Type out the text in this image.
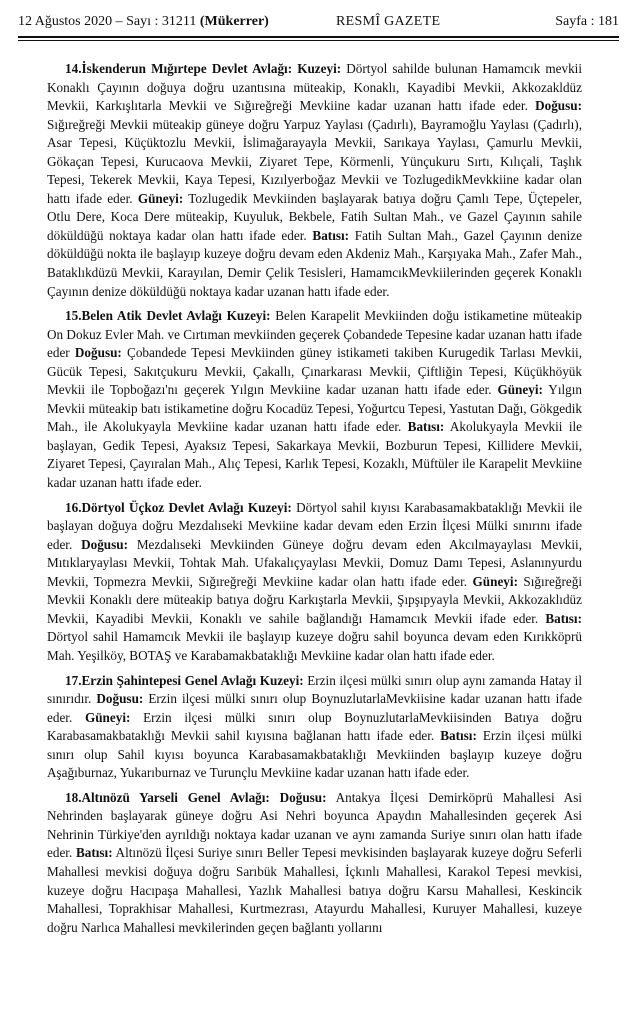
12 Ağustos 2020 – Sayı : 31211 (Mükerrer)	RESMÎ GAZETE	Sayfa : 181

14.İskenderun Mığırtepe Devlet Avlağı: Kuzeyi: Dörtyol sahilde bulunan Hamamcık mevkii Konaklı Çayının doğuya doğru uzantısına müteakip, Konaklı, Kayadibi Mevkii, Akkozakldüz Mevkii, Karkışlıtarla Mevkii ve Sığıreğreği Mevkiine kadar uzanan hattı ifade eder. Doğusu: Sığıreğreği Mevkii müteakip güneye doğru Yarpuz Yaylası (Çadırlı), Bayramoğlu Yaylası (Çadırlı), Asar Tepesi, Küçüktozlu Mevkii, İslimağarayayla Mevkii, Sarıkaya Yaylası, Çamurlu Mevkii, Gökaçan Tepesi, Kurucaova Mevkii, Ziyaret Tepe, Körmenli, Yünçukuru Sırtı, Kılıçali, Taşlık Tepesi, Tekerek Mevkii, Kaya Tepesi, Kızılyerboğaz Mevkii ve TozlugedikMevkkiine kadar olan hattı ifade eder. Güneyi: Tozlugedik Mevkiinden başlayarak batıya doğru Çamlı Tepe, Üçtepeler, Otlu Dere, Koca Dere müteakip, Kuyuluk, Bekbele, Fatih Sultan Mah., ve Gazel Çayının sahile döküldüğü noktaya kadar olan hattı ifade eder. Batısı: Fatih Sultan Mah., Gazel Çayının denize döküldüğü nokta ile başlayıp kuzeye doğru devam eden Akdeniz Mah., Karşıyaka Mah., Zafer Mah., Bataklıkdüzü Mevkii, Karayılan, Demir Çelik Tesisleri, HamamcıkMevkiilerinden geçerek Konaklı Çayının denize döküldüğü noktaya kadar uzanan hattı ifade eder.

15.Belen Atik Devlet Avlağı Kuzeyi: Belen Karapelit Mevkiinden doğu istikametine müteakip On Dokuz Evler Mah. ve Cırtıman mevkiinden geçerek Çobandede Tepesine kadar uzanan hattı ifade eder Doğusu: Çobandede Tepesi Mevkiinden güney istikameti takiben Kurugedik Tarlası Mevkii, Gücük Tepesi, Sakıtçukuru Mevkii, Çakallı, Çınarkarası Mevkii, Çiftliğin Tepesi, Küçükhöyük Mevkii ile Topboğazı'nı geçerek Yılgın Mevkiine kadar uzanan hattı ifade eder. Güneyi: Yılgın Mevkii müteakip batı istikametine doğru Kocadüz Tepesi, Yoğurtcu Tepesi, Yastutan Dağı, Gökgedik Mah., ile Akolukyayla Mevkiine kadar uzanan hattı ifade eder. Batısı: Akolukyayla Mevkii ile başlayan, Gedik Tepesi, Ayaksız Tepesi, Sakarkaya Mevkii, Bozburun Tepesi, Killidere Mevkii, Ziyaret Tepesi, Çayıralan Mah., Alıç Tepesi, Karlık Tepesi, Kozaklı, Müftüler ile Karapelit Mevkiine kadar uzanan hattı ifade eder.

16.Dörtyol Üçkoz Devlet Avlağı Kuzeyi: Dörtyol sahil kıyısı Karabasamakbataklığı Mevkii ile başlayan doğuya doğru Mezdalıseki Mevkiine kadar devam eden Erzin İlçesi Mülki sınırını ifade eder. Doğusu: Mezdalıseki Mevkiinden Güneye doğru devam eden Akcılmayaylası Mevkii, Mıtıklaryaylası Mevkii, Tohtak Mah. Ufakalıçyaylası Mevkii, Domuz Damı Tepesi, Aslanınyurdu Mevkii, Topmezra Mevkii, Sığıreğreği Mevkiine kadar olan hattı ifade eder. Güneyi: Sığıreğreği Mevkii Konaklı dere müteakip batıya doğru Karkıştarla Mevkii, Şıpşıpyayla Mevkii, Akkozaklıdüz Mevkii, Kayadibi Mevkii, Konaklı ve sahile bağlandığı Hamamcık Mevkii ifade eder. Batısı: Dörtyol sahil Hamamcık Mevkii ile başlayıp kuzeye doğru sahil boyunca devam eden Kırıkköprü Mah. Yeşilköy, BOTAŞ ve Karabamakbataklığı Mevkiine kadar olan hattı ifade eder.

17.Erzin Şahintepesi Genel Avlağı Kuzeyi: Erzin ilçesi mülki sınırı olup aynı zamanda Hatay il sınırıdır. Doğusu: Erzin ilçesi mülki sınırı olup BoynuzlutarlaMevkiisine kadar uzanan hattı ifade eder. Güneyi: Erzin ilçesi mülki sınırı olup BoynuzlutarlaMevkiisinden Batıya doğru Karabasamakbataklığı Mevkii sahil kıyısına bağlanan hattı ifade eder. Batısı: Erzin ilçesi mülki sınırı olup Sahil kıyısı boyunca Karabasamakbataklığı Mevkiinden başlayıp kuzeye doğru Aşağıburnaz, Yukarıburnaz ve Turunçlu Mevkiine kadar uzanan hattı ifade eder.

18.Altınözü Yarseli Genel Avlağı: Doğusu: Antakya İlçesi Demirköprü Mahallesi Asi Nehrinden başlayarak güneye doğru Asi Nehri boyunca Apaydın Mahallesinden geçerek Asi Nehrinin Türkiye'den ayrıldığı noktaya kadar uzanan ve aynı zamanda Suriye sınırı olan hattı ifade eder. Batısı: Altınözü İlçesi Suriye sınırı Beller Tepesi mevkisinden başlayarak kuzeye doğru Seferli Mahallesi mevkisi doğuya doğru Sarıbük Mahallesi, İçkınlı Mahallesi, Karakol Tepesi mevkisi, kuzeye doğru Hacıpaşa Mahallesi, Yazlık Mahallesi batıya doğru Karsu Mahallesi, Keskincik Mahallesi, Toprakhisar Mahallesi, Kurtmezrası, Atayurdu Mahallesi, Kuruyer Mahallesi, kuzeye doğru Narlıca Mahallesi mevkilerinden geçen bağlantı yollarını
